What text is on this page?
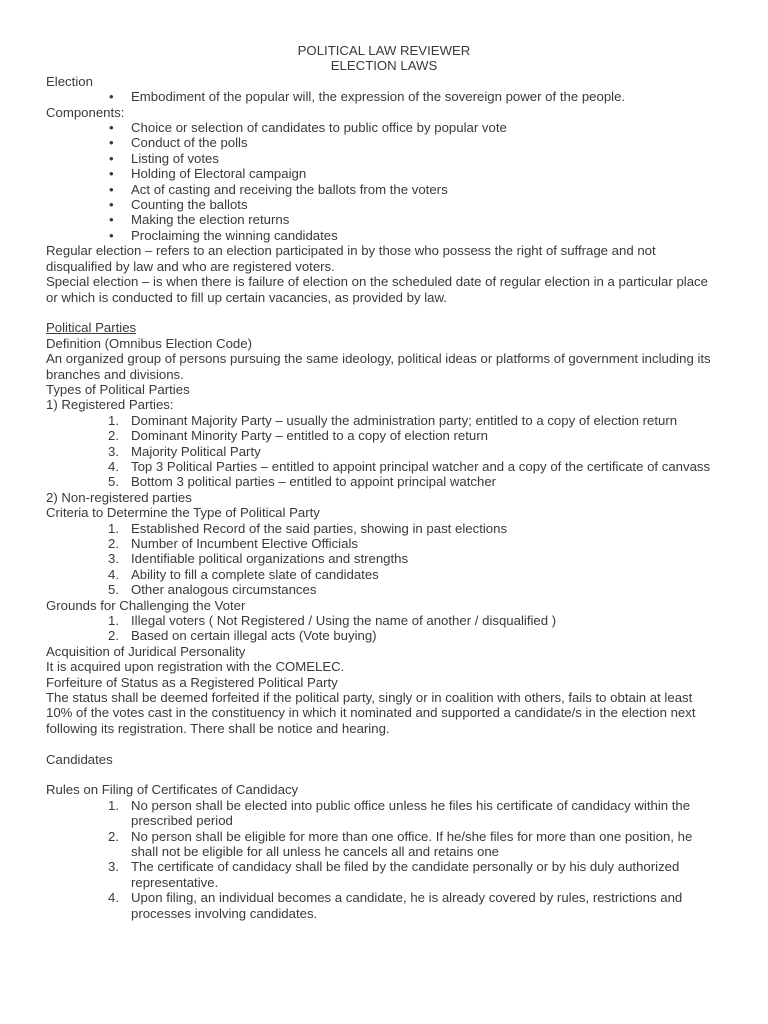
POLITICAL LAW REVIEWER

ELECTION LAWS

Election

• Embodiment of the popular will, the expression of the sovereign power of the people.

Components:

• Choice or selection of candidates to public office by popular vote
• Conduct of the polls
• Listing of votes
• Holding of Electoral campaign
• Act of casting and receiving the ballots from the voters
• Counting the ballots
• Making the election returns
• Proclaiming the winning candidates

Regular election – refers to an election participated in by those who possess the right of suffrage and not disqualified by law and who are registered voters.

Special election – is when there is failure of election on the scheduled date of regular election in a particular place or which is conducted to fill up certain vacancies, as provided by law.

Political Parties

Definition (Omnibus Election Code)

An organized group of persons pursuing the same ideology, political ideas or platforms of government including its branches and divisions.

Types of Political Parties

1) Registered Parties:

1. Dominant Majority Party – usually the administration party; entitled to a copy of election return
2. Dominant Minority Party – entitled to a copy of election return
3. Majority Political Party
4. Top 3 Political Parties – entitled to appoint principal watcher and a copy of the certificate of canvass
5. Bottom 3 political parties – entitled to appoint principal watcher

2) Non-registered parties

Criteria to Determine the Type of Political Party

1. Established Record of the said parties, showing in past elections
2. Number of Incumbent Elective Officials
3. Identifiable political organizations and strengths
4. Ability to fill a complete slate of candidates
5. Other analogous circumstances

Grounds for Challenging the Voter

1. Illegal voters ( Not Registered / Using the name of another / disqualified )
2. Based on certain illegal acts (Vote buying)

Acquisition of Juridical Personality

It is acquired upon registration with the COMELEC.

Forfeiture of Status as a Registered Political Party

The status shall be deemed forfeited if the political party, singly or in coalition with others, fails to obtain at least 10% of the votes cast in the constituency in which it nominated and supported a candidate/s in the election next following its registration. There shall be notice and hearing.

Candidates

Rules on Filing of Certificates of Candidacy

1. No person shall be elected into public office unless he files his certificate of candidacy within the prescribed period
2. No person shall be eligible for more than one office. If he/she files for more than one position, he shall not be eligible for all unless he cancels all and retains one
3. The certificate of candidacy shall be filed by the candidate personally or by his duly authorized representative.
4. Upon filing, an individual becomes a candidate, he is already covered by rules, restrictions and processes involving candidates.
